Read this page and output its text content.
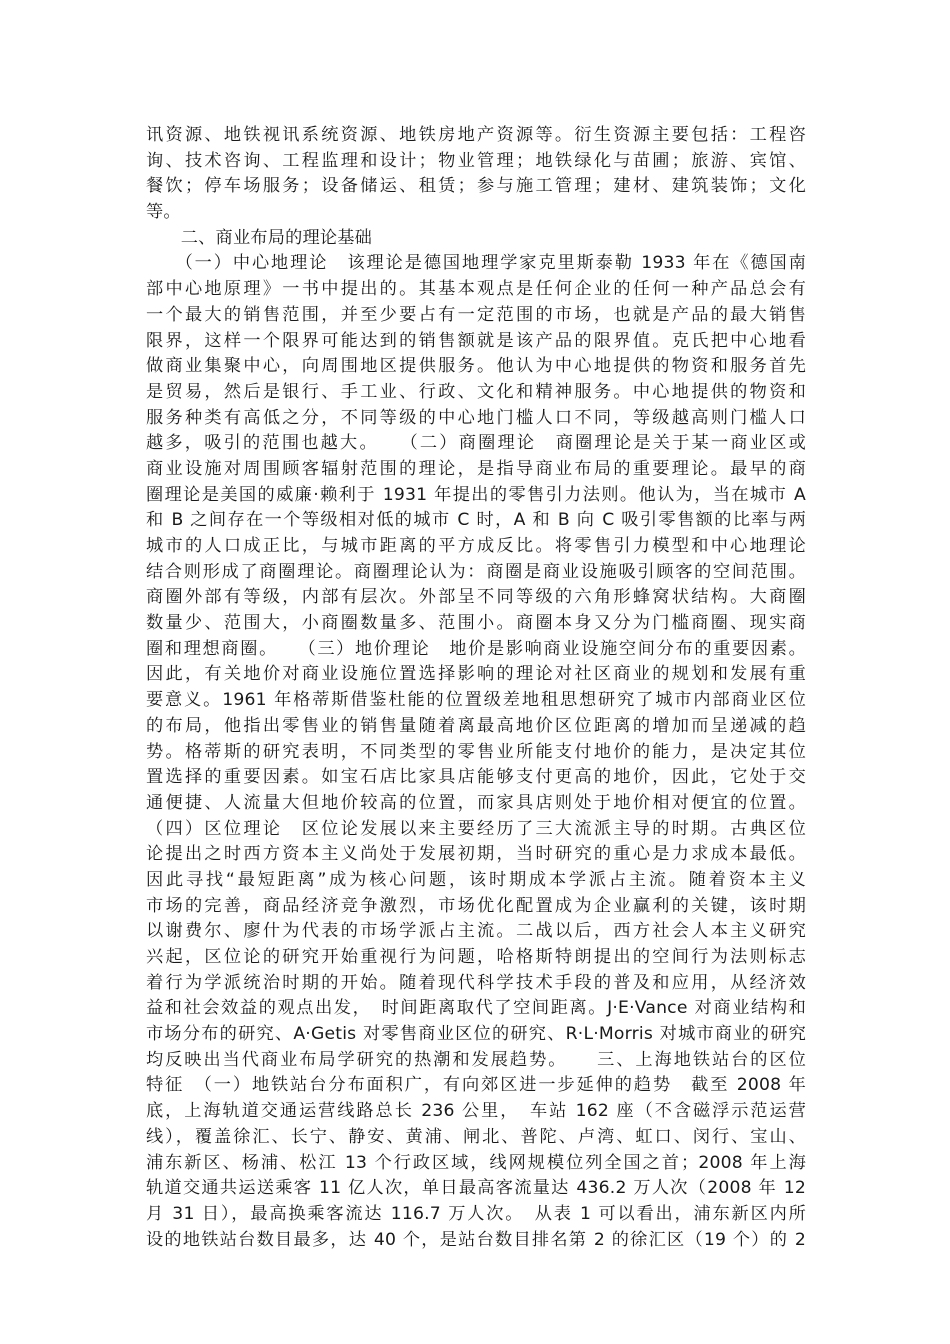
讯资源、地铁视讯系统资源、地铁房地产资源等。衍生资源主要包括：工程咨
询、技术咨询、工程监理和设计；物业管理；地铁绿化与苗圃；旅游、宾馆、
餐饮；停车场服务；设备储运、租赁；参与施工管理；建材、建筑装饰；文化
等。
　　二、商业布局的理论基础
　　（一）中心地理论　该理论是德国地理学家克里斯泰勒 1933 年在《德国南
部中心地原理》一书中提出的。其基本观点是任何企业的任何一种产品总会有
一个最大的销售范围，并至少要占有一定范围的市场，也就是产品的最大销售
限界，这样一个限界可能达到的销售额就是该产品的限界值。克氏把中心地看
做商业集聚中心，向周围地区提供服务。他认为中心地提供的物资和服务首先
是贸易，然后是银行、手工业、行政、文化和精神服务。中心地提供的物资和
服务种类有高低之分，不同等级的中心地门槛人口不同，等级越高则门槛人口
越多，吸引的范围也越大。　　（二）商圈理论　商圈理论是关于某一商业区或
商业设施对周围顾客辐射范围的理论，是指导商业布局的重要理论。最早的商
圈理论是美国的威廉·赖利于 1931 年提出的零售引力法则。他认为，当在城市 A
和 B 之间存在一个等级相对低的城市 C 时，A 和 B 向 C 吸引零售额的比率与两
城市的人口成正比，与城市距离的平方成反比。将零售引力模型和中心地理论
结合则形成了商圈理论。商圈理论认为：商圈是商业设施吸引顾客的空间范围。
商圈外部有等级，内部有层次。外部呈不同等级的六角形蜂窝状结构。大商圈
数量少、范围大，小商圈数量多、范围小。商圈本身又分为门槛商圈、现实商
圈和理想商圈。　　（三）地价理论　地价是影响商业设施空间分布的重要因素。
因此，有关地价对商业设施位置选择影响的理论对社区商业的规划和发展有重
要意义。1961 年格蒂斯借鉴杜能的位置级差地租思想研究了城市内部商业区位
的布局，他指出零售业的销售量随着离最高地价区位距离的增加而呈递减的趋
势。格蒂斯的研究表明，不同类型的零售业所能支付地价的能力，是决定其位
置选择的重要因素。如宝石店比家具店能够支付更高的地价，因此，它处于交
通便捷、人流量大但地价较高的位置，而家具店则处于地价相对便宜的位置。
（四）区位理论　区位论发展以来主要经历了三大流派主导的时期。古典区位
论提出之时西方资本主义尚处于发展初期，当时研究的重心是力求成本最低。
因此寻找“最短距离”成为核心问题，该时期成本学派占主流。随着资本主义
市场的完善，商品经济竞争激烈，市场优化配置成为企业赢利的关键，该时期
以谢费尔、廖什为代表的市场学派占主流。二战以后，西方社会人本主义研究
兴起，区位论的研究开始重视行为问题，哈格斯特朗提出的空间行为法则标志
着行为学派统治时期的开始。随着现代科学技术手段的普及和应用，从经济效
益和社会效益的观点出发，　时间距离取代了空间距离。J·E·Vance 对商业结构和
市场分布的研究、A·Getis 对零售商业区位的研究、R·L·Morris 对城市商业的研究
均反映出当代商业布局学研究的热潮和发展趋势。　　三、上海地铁站台的区位
特征　（一）地铁站台分布面积广，有向郊区进一步延伸的趋势　截至 2008 年
底，上海轨道交通运营线路总长 236 公里，　车站 162 座（不含磁浮示范运营
线），覆盖徐汇、长宁、静安、黄浦、闸北、普陀、卢湾、虹口、闵行、宝山、
浦东新区、杨浦、松江 13 个行政区域，线网规模位列全国之首；2008 年上海
轨道交通共运送乘客 11 亿人次，单日最高客流量达 436.2 万人次（2008 年 12
月 31 日），最高换乘客流达 116.7 万人次。　从表 1 可以看出，浦东新区内所
设的地铁站台数目最多，达 40 个，是站台数目排名第 2 的徐汇区（19 个）的 2
